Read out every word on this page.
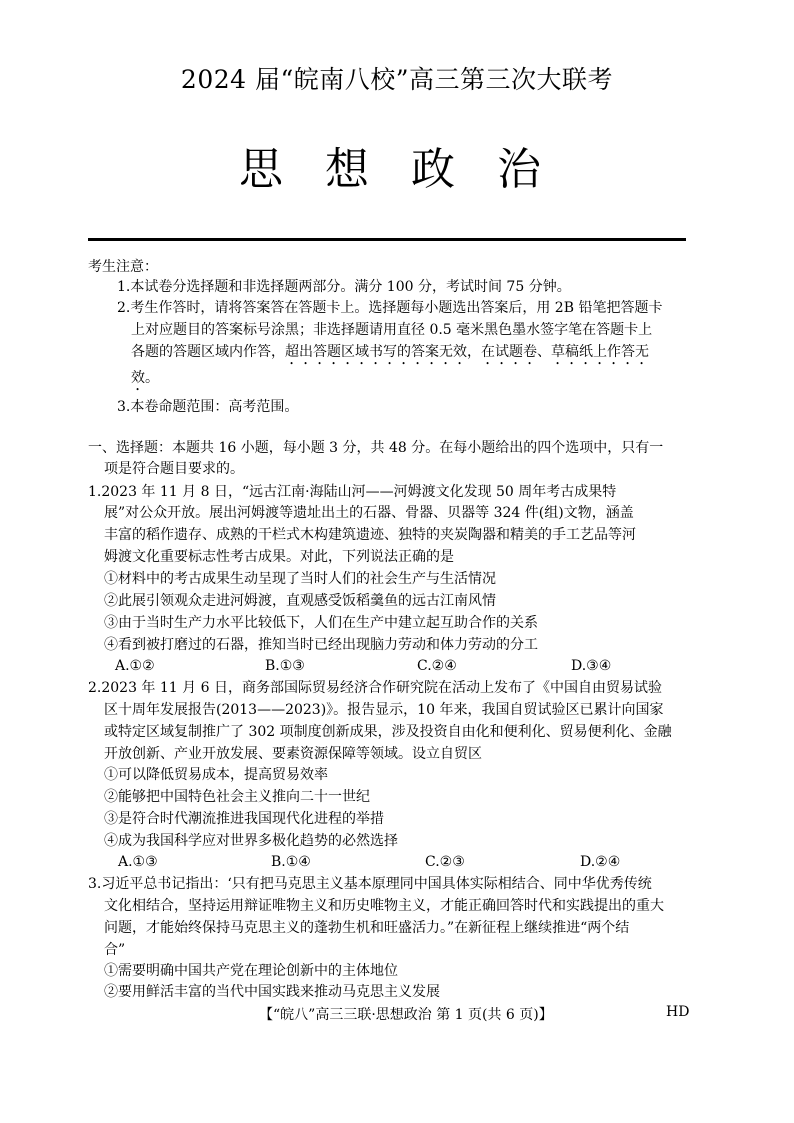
2024 届“皖南八校”高三第三次大联考
思 想 政 治
考生注意：
1.本试卷分选择题和非选择题两部分。满分 100 分，考试时间 75 分钟。
2.考生作答时，请将答案答在答题卡上。选择题每小题选出答案后，用 2B 铅笔把答题卡
上对应题目的答案标号涂黑；非选择题请用直径 0.5 毫米黑色墨水签字笔在答题卡上
各题的答题区域内作答，超出答题区域书写的答案无效，在试题卷、草稿纸上作答无
效。
3.本卷命题范围：高考范围。
一、选择题：本题共 16 小题，每小题 3 分，共 48 分。在每小题给出的四个选项中，只有一
项是符合题目要求的。
1.2023 年 11 月 8 日，“远古江南·海陆山河——河姆渡文化发现 50 周年考古成果特
展”对公众开放。展出河姆渡等遗址出土的石器、骨器、贝器等 324 件(组)文物，涵盖
丰富的稻作遗存、成熟的干栏式木构建筑遗迹、独特的夹炭陶器和精美的手工艺品等河
姆渡文化重要标志性考古成果。对此，下列说法正确的是
①材料中的考古成果生动呈现了当时人们的社会生产与生活情况
②此展引领观众走进河姆渡，直观感受饭稻羹鱼的远古江南风情
③由于当时生产力水平比较低下，人们在生产中建立起互助合作的关系
④看到被打磨过的石器，推知当时已经出现脑力劳动和体力劳动的分工
A.①②	B.①③	C.②④	D.③④
2.2023 年 11 月 6 日，商务部国际贸易经济合作研究院在活动上发布了《中国自由贸易试验
区十周年发展报告(2013——2023)》。报告显示，10 年来，我国自贸试验区已累计向国家
或特定区域复制推广了 302 项制度创新成果，涉及投资自由化和便利化、贸易便利化、金融
开放创新、产业开放发展、要素资源保障等领域。设立自贸区
①可以降低贸易成本，提高贸易效率
②能够把中国特色社会主义推向二十一世纪
③是符合时代潮流推进我国现代化进程的举措
④成为我国科学应对世界多极化趋势的必然选择
A.①③	B.①④	C.②③	D.②④
3.习近平总书记指出：‘只有把马克思主义基本原理同中国具体实际相结合、同中华优秀传统
文化相结合，坚持运用辩证唯物主义和历史唯物主义，才能正确回答时代和实践提出的重大
问题，才能始终保持马克思主义的蓬勃生机和旺盛活力。”在新征程上继续推进“两个结
合”
①需要明确中国共产党在理论创新中的主体地位
②要用鲜活丰富的当代中国实践来推动马克思主义发展
【“皖八”高三三联·思想政治 第 1 页(共 6 页)】	HD
